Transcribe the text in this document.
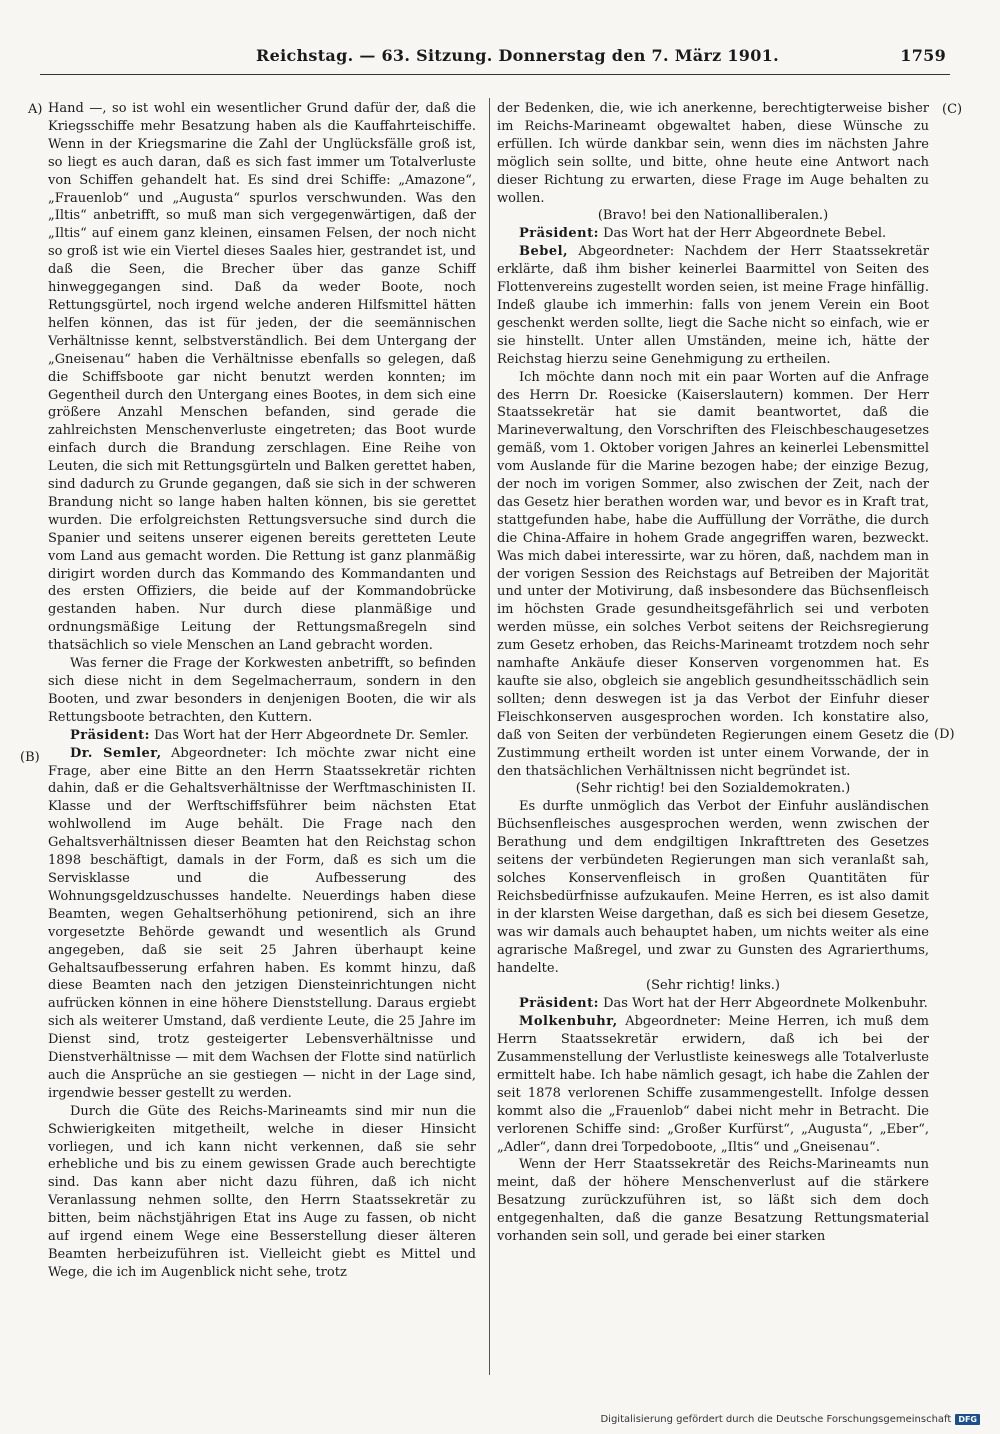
Reichstag. — 63. Sitzung. Donnerstag den 7. März 1901.	1759
A)
(B)
(C)
(D)

Hand —, so ist wohl ein wesentlicher Grund dafür der, daß die Kriegsschiffe mehr Besatzung haben als die Kauffahrteischiffe. Wenn in der Kriegsmarine die Zahl der Unglücksfälle groß ist, so liegt es auch daran, daß es sich fast immer um Totalverluste von Schiffen gehandelt hat. Es sind drei Schiffe: „Amazone“, „Frauenlob“ und „Augusta“ spurlos verschwunden. Was den „Iltis“ anbetrifft, so muß man sich vergegenwärtigen, daß der „Iltis“ auf einem ganz kleinen, einsamen Felsen, der noch nicht so groß ist wie ein Viertel dieses Saales hier, gestrandet ist, und daß die Seen, die Brecher über das ganze Schiff hinweggegangen sind. Daß da weder Boote, noch Rettungsgürtel, noch irgend welche anderen Hilfsmittel hätten helfen können, das ist für jeden, der die seemännischen Verhältnisse kennt, selbstverständlich. Bei dem Untergang der „Gneisenau“ haben die Verhältnisse ebenfalls so gelegen, daß die Schiffsboote gar nicht benutzt werden konnten; im Gegentheil durch den Untergang eines Bootes, in dem sich eine größere Anzahl Menschen befanden, sind gerade die zahlreichsten Menschenverluste eingetreten; das Boot wurde einfach durch die Brandung zerschlagen. Eine Reihe von Leuten, die sich mit Rettungsgürteln und Balken gerettet haben, sind dadurch zu Grunde gegangen, daß sie sich in der schweren Brandung nicht so lange haben halten können, bis sie gerettet wurden. Die erfolgreichsten Rettungsversuche sind durch die Spanier und seitens unserer eigenen bereits geretteten Leute vom Land aus gemacht worden. Die Rettung ist ganz planmäßig dirigirt worden durch das Kommando des Kommandanten und des ersten Offiziers, die beide auf der Kommandobrücke gestanden haben. Nur durch diese planmäßige und ordnungsmäßige Leitung der Rettungsmaßregeln sind thatsächlich so viele Menschen an Land gebracht worden.

Was ferner die Frage der Korkwesten anbetrifft, so befinden sich diese nicht in dem Segelmacherraum, sondern in den Booten, und zwar besonders in denjenigen Booten, die wir als Rettungsboote betrachten, den Kuttern.

Präsident: Das Wort hat der Herr Abgeordnete Dr. Semler.

Dr. Semler, Abgeordneter: Ich möchte zwar nicht eine Frage, aber eine Bitte an den Herrn Staatssekretär richten dahin, daß er die Gehaltsverhältnisse der Werftmaschinisten II. Klasse und der Werftschiffsführer beim nächsten Etat wohlwollend im Auge behält. Die Frage nach den Gehaltsverhältnissen dieser Beamten hat den Reichstag schon 1898 beschäftigt, damals in der Form, daß es sich um die Servisklasse und die Aufbesserung des Wohnungsgeldzuschusses handelte. Neuerdings haben diese Beamten, wegen Gehaltserhöhung petionirend, sich an ihre vorgesetzte Behörde gewandt und wesentlich als Grund angegeben, daß sie seit 25 Jahren überhaupt keine Gehaltsaufbesserung erfahren haben. Es kommt hinzu, daß diese Beamten nach den jetzigen Diensteinrichtungen nicht aufrücken können in eine höhere Dienststellung. Daraus ergiebt sich als weiterer Umstand, daß verdiente Leute, die 25 Jahre im Dienst sind, trotz gesteigerter Lebensverhältnisse und Dienstverhältnisse — mit dem Wachsen der Flotte sind natürlich auch die Ansprüche an sie gestiegen — nicht in der Lage sind, irgendwie besser gestellt zu werden.

Durch die Güte des Reichs-Marineamts sind mir nun die Schwierigkeiten mitgetheilt, welche in dieser Hinsicht vorliegen, und ich kann nicht verkennen, daß sie sehr erhebliche und bis zu einem gewissen Grade auch berechtigte sind. Das kann aber nicht dazu führen, daß ich nicht Veranlassung nehmen sollte, den Herrn Staatssekretär zu bitten, beim nächstjährigen Etat ins Auge zu fassen, ob nicht auf irgend einem Wege eine Besserstellung dieser älteren Beamten herbeizuführen ist. Vielleicht giebt es Mittel und Wege, die ich im Augenblick nicht sehe, trotz

der Bedenken, die, wie ich anerkenne, berechtigterweise bisher im Reichs-Marineamt obgewaltet haben, diese Wünsche zu erfüllen. Ich würde dankbar sein, wenn dies im nächsten Jahre möglich sein sollte, und bitte, ohne heute eine Antwort nach dieser Richtung zu erwarten, diese Frage im Auge behalten zu wollen.

(Bravo! bei den Nationalliberalen.)

Präsident: Das Wort hat der Herr Abgeordnete Bebel.

Bebel, Abgeordneter: Nachdem der Herr Staatssekretär erklärte, daß ihm bisher keinerlei Baarmittel von Seiten des Flottenvereins zugestellt worden seien, ist meine Frage hinfällig. Indeß glaube ich immerhin: falls von jenem Verein ein Boot geschenkt werden sollte, liegt die Sache nicht so einfach, wie er sie hinstellt. Unter allen Umständen, meine ich, hätte der Reichstag hierzu seine Genehmigung zu ertheilen.

Ich möchte dann noch mit ein paar Worten auf die Anfrage des Herrn Dr. Roesicke (Kaiserslautern) kommen. Der Herr Staatssekretär hat sie damit beantwortet, daß die Marineverwaltung, den Vorschriften des Fleischbeschaugesetzes gemäß, vom 1. Oktober vorigen Jahres an keinerlei Lebensmittel vom Auslande für die Marine bezogen habe; der einzige Bezug, der noch im vorigen Sommer, also zwischen der Zeit, nach der das Gesetz hier berathen worden war, und bevor es in Kraft trat, stattgefunden habe, habe die Auffüllung der Vorräthe, die durch die China-Affaire in hohem Grade angegriffen waren, bezweckt. Was mich dabei interessirte, war zu hören, daß, nachdem man in der vorigen Session des Reichstags auf Betreiben der Majorität und unter der Motivirung, daß insbesondere das Büchsenfleisch im höchsten Grade gesundheitsgefährlich sei und verboten werden müsse, ein solches Verbot seitens der Reichsregierung zum Gesetz erhoben, das Reichs-Marineamt trotzdem noch sehr namhafte Ankäufe dieser Konserven vorgenommen hat. Es kaufte sie also, obgleich sie angeblich gesundheitsschädlich sein sollten; denn deswegen ist ja das Verbot der Einfuhr dieser Fleischkonserven ausgesprochen worden. Ich konstatire also, daß von Seiten der verbündeten Regierungen einem Gesetz die Zustimmung ertheilt worden ist unter einem Vorwande, der in den thatsächlichen Verhältnissen nicht begründet ist.

(Sehr richtig! bei den Sozialdemokraten.)

Es durfte unmöglich das Verbot der Einfuhr ausländischen Büchsenfleisches ausgesprochen werden, wenn zwischen der Berathung und dem endgiltigen Inkrafttreten des Gesetzes seitens der verbündeten Regierungen man sich veranlaßt sah, solches Konservenfleisch in großen Quantitäten für Reichsbedürfnisse aufzukaufen. Meine Herren, es ist also damit in der klarsten Weise dargethan, daß es sich bei diesem Gesetze, was wir damals auch behauptet haben, um nichts weiter als eine agrarische Maßregel, und zwar zu Gunsten des Agrarierthums, handelte.

(Sehr richtig! links.)

Präsident: Das Wort hat der Herr Abgeordnete Molkenbuhr.

Molkenbuhr, Abgeordneter: Meine Herren, ich muß dem Herrn Staatssekretär erwidern, daß ich bei der Zusammenstellung der Verlustliste keineswegs alle Totalverluste ermittelt habe. Ich habe nämlich gesagt, ich habe die Zahlen der seit 1878 verlorenen Schiffe zusammengestellt. Infolge dessen kommt also die „Frauenlob“ dabei nicht mehr in Betracht. Die verlorenen Schiffe sind: „Großer Kurfürst“, „Augusta“, „Eber“, „Adler“, dann drei Torpedoboote, „Iltis“ und „Gneisenau“.

Wenn der Herr Staatssekretär des Reichs-Marineamts nun meint, daß der höhere Menschenverlust auf die stärkere Besatzung zurückzuführen ist, so läßt sich dem doch entgegenhalten, daß die ganze Besatzung Rettungsmaterial vorhanden sein soll, und gerade bei einer starken

Digitalisierung gefördert durch die Deutsche Forschungsgemeinschaft DFG
